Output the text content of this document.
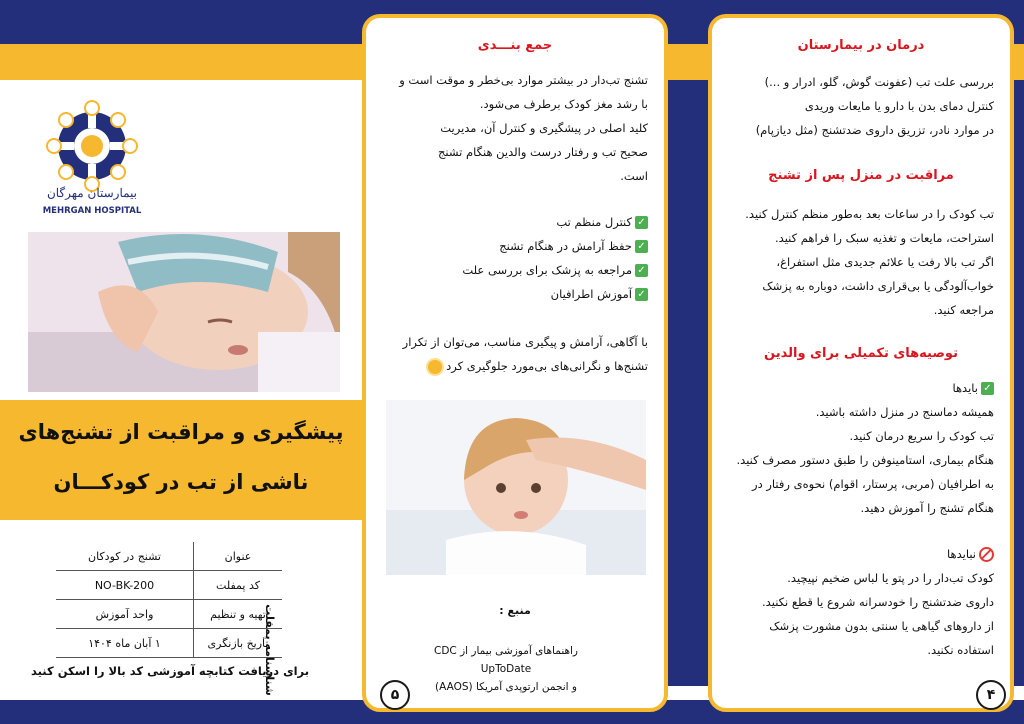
بیمارستان مهرگان
MEHRGAN HOSPITAL
پیشگیری و مراقبت از تشنج‌های
ناشی از تب در کودکـــان
شناسنامه پمفلت
عنوان	تشنج در کودکان
کد پمفلت	NO-BK-200
تهیه و تنظیم	واحد آموزش
تاریخ بازنگری	۱ آبان ماه ۱۴۰۴
برای دریافت کتابچه آموزشی کد بالا را اسکن کنید
جمع بنـــدی
تشنج تب‌دار در بیشتر موارد بی‌خطر و موقت است و
با رشد مغز کودک برطرف می‌شود.
کلید اصلی در پیشگیری و کنترل آن، مدیریت
صحیح تب و رفتار درست والدین هنگام تشنج
است.
✓کنترل منظم تب
✓حفظ آرامش در هنگام تشنج
✓مراجعه به پزشک برای بررسی علت
✓آموزش اطرافیان
با آگاهی، آرامش و پیگیری مناسب، می‌توان از تکرار
تشنج‌ها و نگرانی‌های بی‌مورد جلوگیری کرد
منبع :
راهنماهای آموزشی بیمار از CDC
UpToDate
و انجمن ارتوپدی آمریکا (AAOS)
۵
درمان در بیمارستان
بررسی علت تب (عفونت گوش، گلو، ادرار و ...)
کنترل دمای بدن با دارو یا مایعات وریدی
در موارد نادر، تزریق داروی ضدتشنج (مثل دیازپام)
مراقبت در منزل پس از تشنج
تب کودک را در ساعات بعد به‌طور منظم کنترل کنید.
استراحت، مایعات و تغذیه سبک را فراهم کنید.
اگر تب بالا رفت یا علائم جدیدی مثل استفراغ،
خواب‌آلودگی یا بی‌قراری داشت، دوباره به پزشک
مراجعه کنید.
توصیه‌های تکمیلی برای والدین
✓بایدها
همیشه دماسنج در منزل داشته باشید.
تب کودک را سریع درمان کنید.
هنگام بیماری، استامینوفن را طبق دستور مصرف کنید.
به اطرافیان (مربی، پرستار، اقوام) نحوه‌ی رفتار در
هنگام تشنج را آموزش دهید.
نبایدها
کودک تب‌دار را در پتو یا لباس ضخیم نپیچید.
داروی ضدتشنج را خودسرانه شروع یا قطع نکنید.
از داروهای گیاهی یا سنتی بدون مشورت پزشک
استفاده نکنید.
۴
